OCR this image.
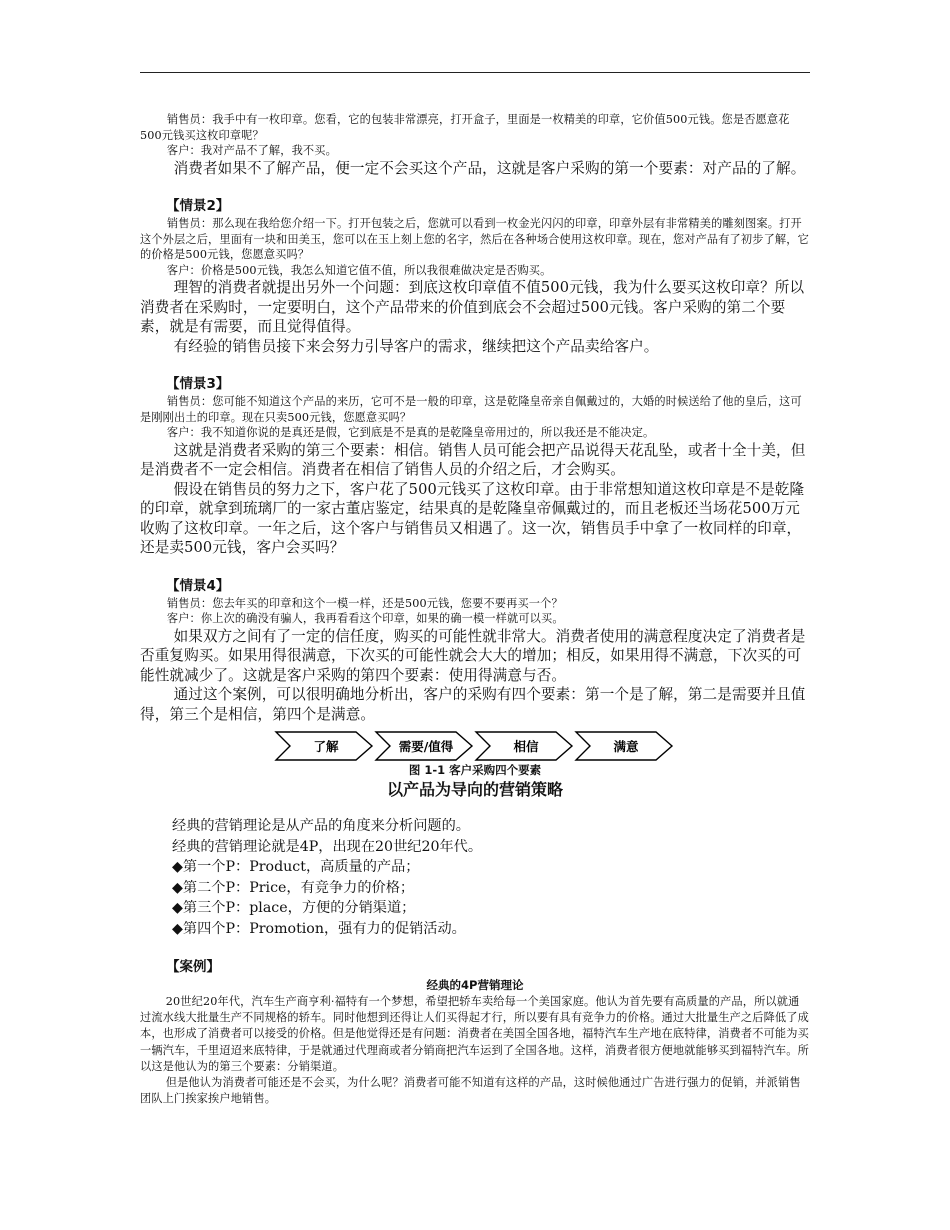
销售员：我手中有一枚印章。您看，它的包装非常漂亮，打开盒子，里面是一枚精美的印章，它价值500元钱。您是否愿意花500元钱买这枚印章呢？

客户：我对产品不了解，我不买。

消费者如果不了解产品，便一定不会买这个产品，这就是客户采购的第一个要素：对产品的了解。

【情景2】

销售员：那么现在我给您介绍一下。打开包装之后，您就可以看到一枚金光闪闪的印章，印章外层有非常精美的雕刻图案。打开这个外层之后，里面有一块和田美玉，您可以在玉上刻上您的名字，然后在各种场合使用这枚印章。现在，您对产品有了初步了解，它的价格是500元钱，您愿意买吗？

客户：价格是500元钱，我怎么知道它值不值，所以我很难做决定是否购买。

理智的消费者就提出另外一个问题：到底这枚印章值不值500元钱，我为什么要买这枚印章？所以消费者在采购时，一定要明白，这个产品带来的价值到底会不会超过500元钱。客户采购的第二个要素，就是有需要，而且觉得值得。

有经验的销售员接下来会努力引导客户的需求，继续把这个产品卖给客户。

【情景3】

销售员：您可能不知道这个产品的来历，它可不是一般的印章，这是乾隆皇帝亲自佩戴过的，大婚的时候送给了他的皇后，这可是刚刚出土的印章。现在只卖500元钱，您愿意买吗？

客户：我不知道你说的是真还是假，它到底是不是真的是乾隆皇帝用过的，所以我还是不能决定。

这就是消费者采购的第三个要素：相信。销售人员可能会把产品说得天花乱坠，或者十全十美，但是消费者不一定会相信。消费者在相信了销售人员的介绍之后，才会购买。

假设在销售员的努力之下，客户花了500元钱买了这枚印章。由于非常想知道这枚印章是不是乾隆的印章，就拿到琉璃厂的一家古董店鉴定，结果真的是乾隆皇帝佩戴过的，而且老板还当场花500万元收购了这枚印章。一年之后，这个客户与销售员又相遇了。这一次，销售员手中拿了一枚同样的印章，还是卖500元钱，客户会买吗？

【情景4】

销售员：您去年买的印章和这个一模一样，还是500元钱，您要不要再买一个？

客户：你上次的确没有骗人，我再看看这个印章，如果的确一模一样就可以买。

如果双方之间有了一定的信任度，购买的可能性就非常大。消费者使用的满意程度决定了消费者是否重复购买。如果用得很满意，下次买的可能性就会大大的增加；相反，如果用得不满意，下次买的可能性就减少了。这就是客户采购的第四个要素：使用得满意与否。

通过这个案例，可以很明确地分析出，客户的采购有四个要素：第一个是了解，第二是需要并且值得，第三个是相信，第四个是满意。

了解	需要/值得	相信	满意

图 1-1 客户采购四个要素

以产品为导向的营销策略

经典的营销理论是从产品的角度来分析问题的。

经典的营销理论就是4P，出现在20世纪20年代。

◆第一个P：Product，高质量的产品；

◆第二个P：Price，有竞争力的价格；

◆第三个P：place，方便的分销渠道；

◆第四个P：Promotion，强有力的促销活动。

【案例】

经典的4P营销理论

20世纪20年代，汽车生产商亨利·福特有一个梦想，希望把轿车卖给每一个美国家庭。他认为首先要有高质量的产品，所以就通过流水线大批量生产不同规格的轿车。同时他想到还得让人们买得起才行，所以要有具有竞争力的价格。通过大批量生产之后降低了成本，也形成了消费者可以接受的价格。但是他觉得还是有问题：消费者在美国全国各地，福特汽车生产地在底特律，消费者不可能为买一辆汽车，千里迢迢来底特律，于是就通过代理商或者分销商把汽车运到了全国各地。这样，消费者很方便地就能够买到福特汽车。所以这是他认为的第三个要素：分销渠道。

但是他认为消费者可能还是不会买，为什么呢？消费者可能不知道有这样的产品，这时候他通过广告进行强力的促销，并派销售团队上门挨家挨户地销售。
